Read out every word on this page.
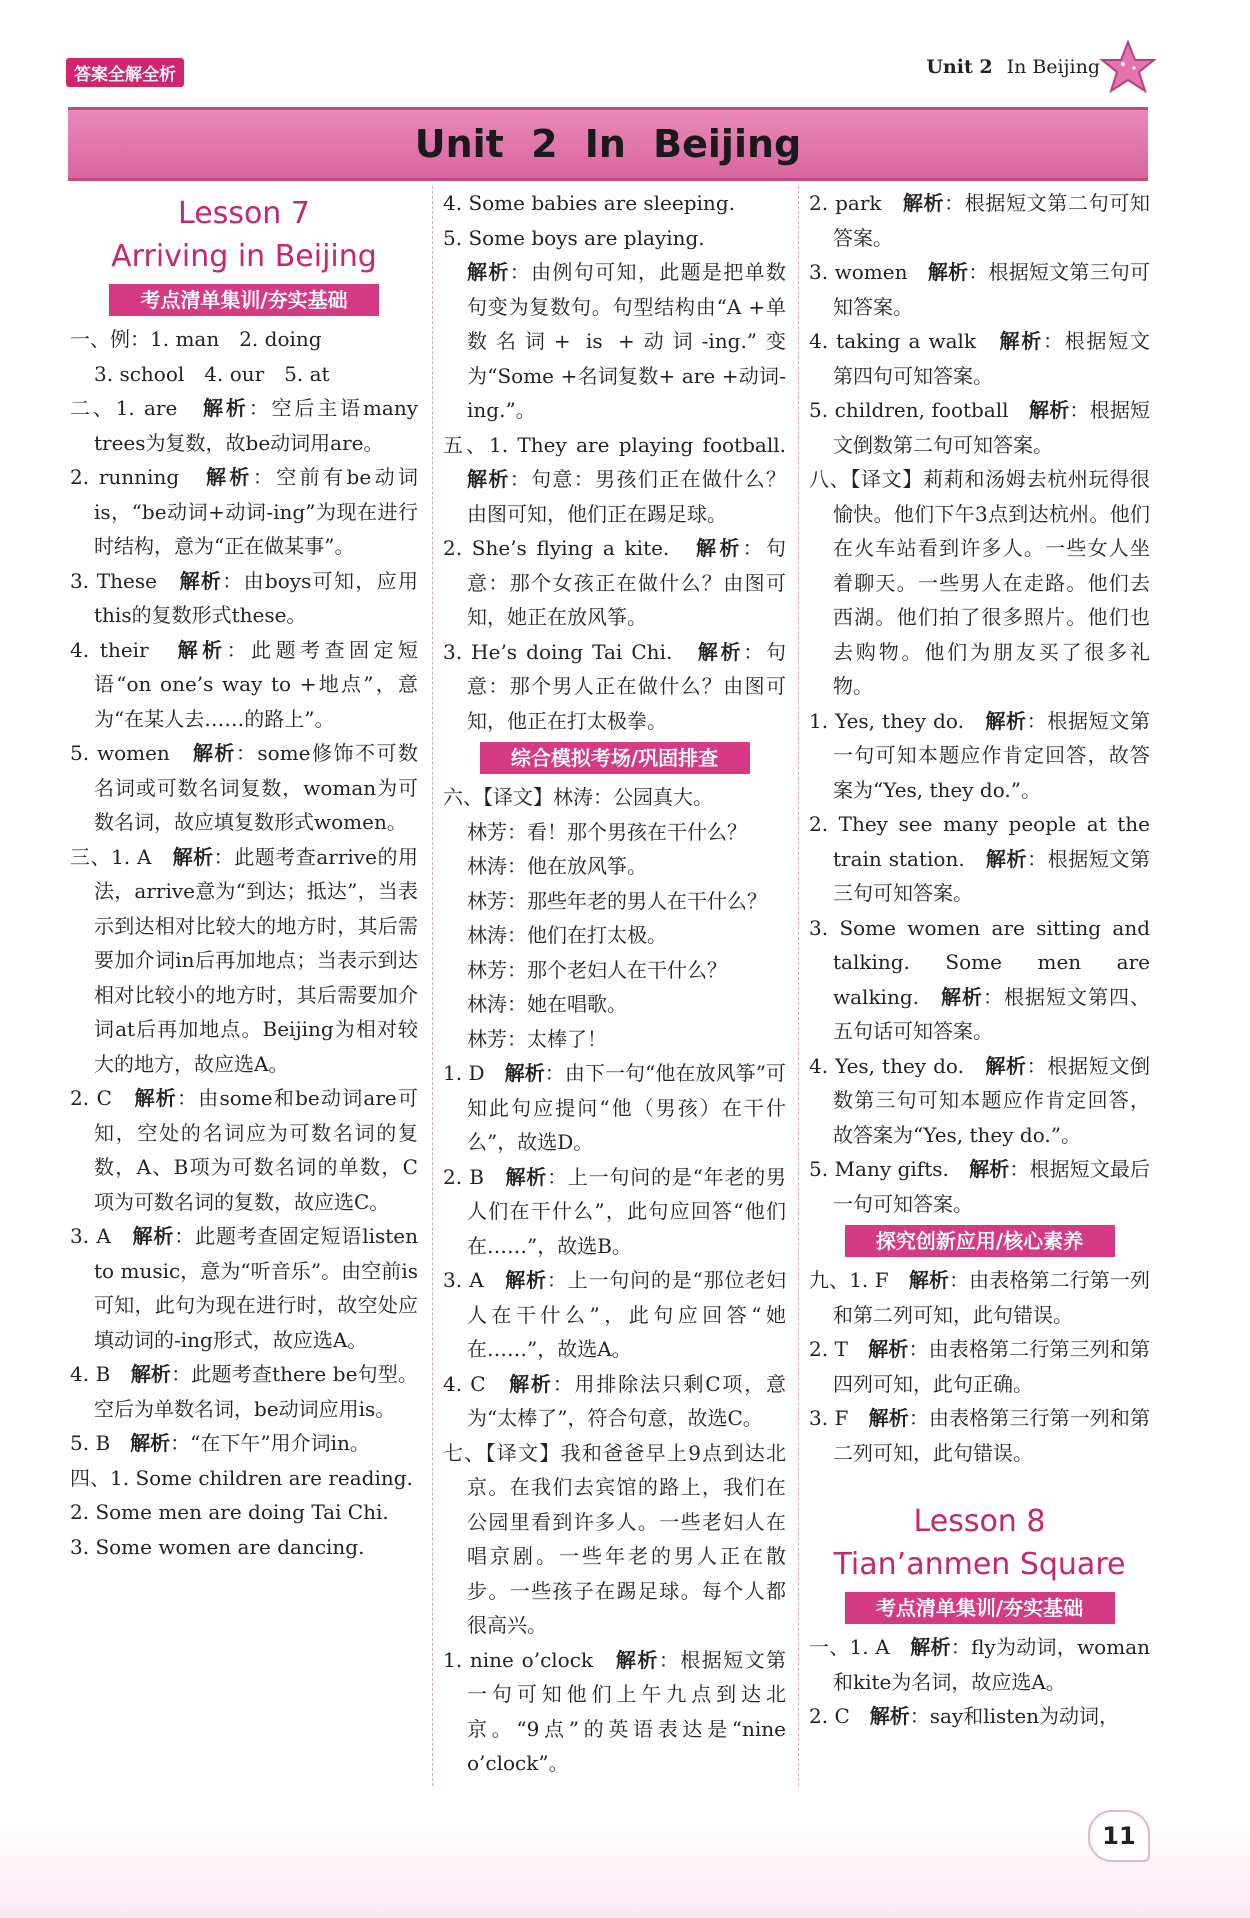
答案全解全析	Unit 2 In Beijing
Unit 2 In Beijing
Lesson 7
Arriving in Beijing
考点清单集训/夯实基础

一、例：1. man　2. doing

3. school　4. our　5. at

二、1. are　解析：空后主语many trees为复数，故be动词用are。

2. running　解析：空前有be动词is，“be动词+动词-ing”为现在进行时结构，意为“正在做某事”。

3. These　解析：由boys可知，应用this的复数形式these。

4. their　解析：此题考查固定短语“on one’s way to +地点”，意为“在某人去……的路上”。

5. women　解析：some修饰不可数名词或可数名词复数，woman为可数名词，故应填复数形式women。

三、1. A　解析：此题考查arrive的用法，arrive意为“到达；抵达”，当表示到达相对比较大的地方时，其后需要加介词in后再加地点；当表示到达相对比较小的地方时，其后需要加介词at后再加地点。Beijing为相对较大的地方，故应选A。

2. C　解析：由some和be动词are可知，空处的名词应为可数名词的复数，A、B项为可数名词的单数，C项为可数名词的复数，故应选C。

3. A　解析：此题考查固定短语listen to music，意为“听音乐”。由空前is可知，此句为现在进行时，故空处应填动词的-ing形式，故应选A。

4. B　解析：此题考查there be句型。空后为单数名词，be动词应用is。

5. B　解析：“在下午”用介词in。

四、1. Some children are reading.

2. Some men are doing Tai Chi.

3. Some women are dancing.

4. Some babies are sleeping.

5. Some boys are playing.

解析：由例句可知，此题是把单数句变为复数句。句型结构由“A +单数名词+ is +动词-ing.”变为“Some +名词复数+ are +动词-ing.”。

五、1. They are playing football.　解析：句意：男孩们正在做什么？由图可知，他们正在踢足球。

2. She’s flying a kite.　解析：句意：那个女孩正在做什么？由图可知，她正在放风筝。

3. He’s doing Tai Chi.　解析：句意：那个男人正在做什么？由图可知，他正在打太极拳。

综合模拟考场/巩固排查

六、【译文】林涛：公园真大。

林芳：看！那个男孩在干什么？

林涛：他在放风筝。

林芳：那些年老的男人在干什么？

林涛：他们在打太极。

林芳：那个老妇人在干什么？

林涛：她在唱歌。

林芳：太棒了！

1. D　解析：由下一句“他在放风筝”可知此句应提问“他（男孩）在干什么”，故选D。

2. B　解析：上一句问的是“年老的男人们在干什么”，此句应回答“他们在……”，故选B。

3. A　解析：上一句问的是“那位老妇人在干什么”，此句应回答“她在……”，故选A。

4. C　解析：用排除法只剩C项，意为“太棒了”，符合句意，故选C。

七、【译文】我和爸爸早上9点到达北京。在我们去宾馆的路上，我们在公园里看到许多人。一些老妇人在唱京剧。一些年老的男人正在散步。一些孩子在踢足球。每个人都很高兴。

1. nine o’clock　解析：根据短文第一句可知他们上午九点到达北京。“9点”的英语表达是“nine o’clock”。

2. park　解析：根据短文第二句可知答案。

3. women　解析：根据短文第三句可知答案。

4. taking a walk　解析：根据短文第四句可知答案。

5. children, football　解析：根据短文倒数第二句可知答案。

八、【译文】莉莉和汤姆去杭州玩得很愉快。他们下午3点到达杭州。他们在火车站看到许多人。一些女人坐着聊天。一些男人在走路。他们去西湖。他们拍了很多照片。他们也去购物。他们为朋友买了很多礼物。

1. Yes, they do.　解析：根据短文第一句可知本题应作肯定回答，故答案为“Yes, they do.”。

2. They see many people at the train station.　解析：根据短文第三句可知答案。

3. Some women are sitting and talking. Some men are walking.　解析：根据短文第四、五句话可知答案。

4. Yes, they do.　解析：根据短文倒数第三句可知本题应作肯定回答，故答案为“Yes, they do.”。

5. Many gifts.　解析：根据短文最后一句可知答案。

探究创新应用/核心素养

九、1. F　解析：由表格第二行第一列和第二列可知，此句错误。

2. T　解析：由表格第二行第三列和第四列可知，此句正确。

3. F　解析：由表格第三行第一列和第二列可知，此句错误。

Lesson 8
Tian’anmen Square
考点清单集训/夯实基础

一、1. A　解析：fly为动词，woman和kite为名词，故应选A。

2. C　解析：say和listen为动词，

11
